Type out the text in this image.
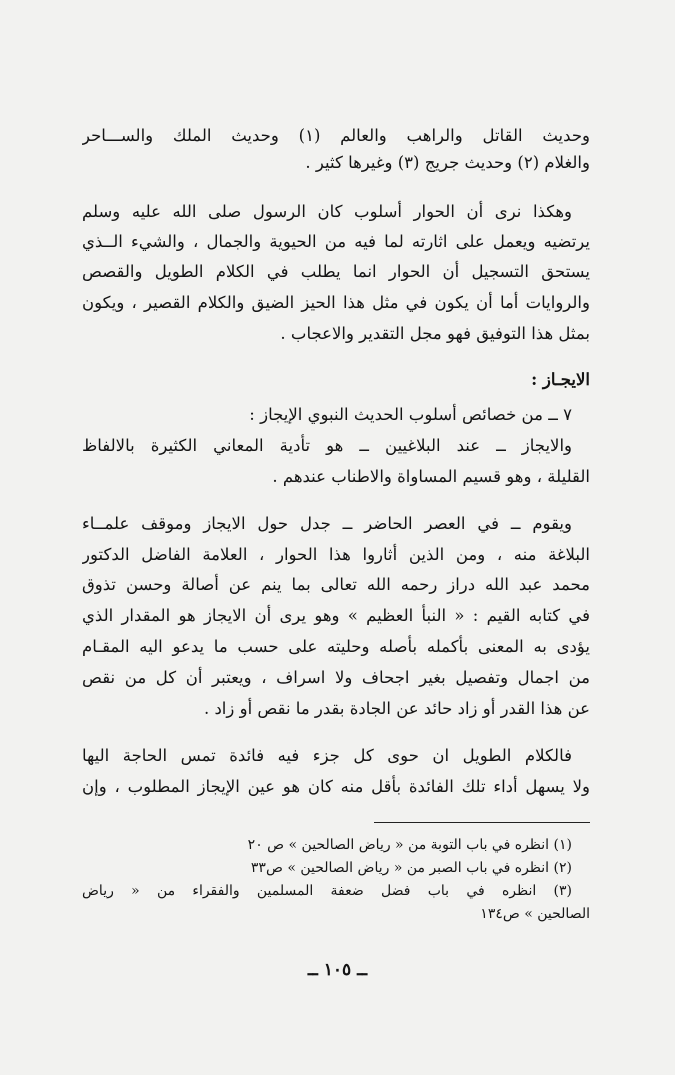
وحديث القاتل والراهب والعالم (١) وحديث الملك والســـاحر
والغلام (٢) وحديث جريج (٣) وغيرها كثير .
وهكذا نرى أن الحوار أسلوب كان الرسول صلى الله عليه وسلم
يرتضيه ويعمل على اثارته لما فيه من الحيوية والجمال ، والشيء الــذي
يستحق التسجيل أن الحوار انما يطلب في الكلام الطويل والقصص
والروايات أما أن يكون في مثل هذا الحيز الضيق والكلام القصير ، ويكون
بمثل هذا التوفيق فهو مجل التقدير والاعجاب .
الايجـاز :
٧ ــ من خصائص أسلوب الحديث النبوي الإيجاز :
والايجاز ــ عند البلاغيين ــ هو تأدية المعاني الكثيرة بالالفاظ
القليلة ، وهو قسيم المساواة والاطناب عندهم .
ويقوم ــ في العصر الحاضر ــ جدل حول الايجاز وموقف علمــاء
البلاغة منه ، ومن الذين أثاروا هذا الحوار ، العلامة الفاضل الدكتور
محمد عبد الله دراز رحمه الله تعالى بما ينم عن أصالة وحسن تذوق
في كتابه القيم : « النبأ العظيم » وهو يرى أن الايجاز هو المقدار الذي
يؤدى به المعنى بأكمله بأصله وحليته على حسب ما يدعو اليه المقـام
من اجمال وتفصيل بغير اجحاف ولا اسراف ، ويعتبر أن كل من نقص
عن هذا القدر أو زاد حائد عن الجادة بقدر ما نقص أو زاد .
فالكلام الطويل ان حوى كل جزء فيه فائدة تمس الحاجة اليها
ولا يسهل أداء تلك الفائدة بأقل منه كان هو عين الإيجاز المطلوب ، وإن
(١) انظره في باب التوبة من « رياض الصالحين » ص ٢٠
(٢) انظره في باب الصبر من « رياض الصالحين » ص٣٣
(٣) انظره في باب فضل ضعفة المسلمين والفقراء من « رياض
الصالحين » ص١٣٤
ــ ١٠٥ ــ
